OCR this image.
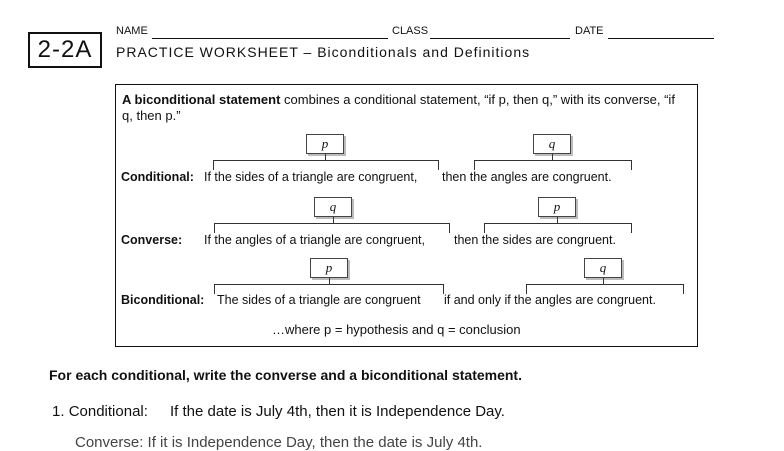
2-2A
NAME	CLASS	DATE
PRACTICE WORKSHEET – Biconditionals and Definitions
A biconditional statement combines a conditional statement, “if p, then q,” with its converse, “if q, then p.”
p	q
Conditional: If the sides of a triangle are congruent, then the angles are congruent.
q	p
Converse: If the angles of a triangle are congruent, then the sides are congruent.
p	q
Biconditional: The sides of a triangle are congruent if and only if the angles are congruent.
…where p = hypothesis and q = conclusion
For each conditional, write the converse and a biconditional statement.
1. Conditional: If the date is July 4th, then it is Independence Day.
Converse: If it is Independence Day, then the date is July 4th.
